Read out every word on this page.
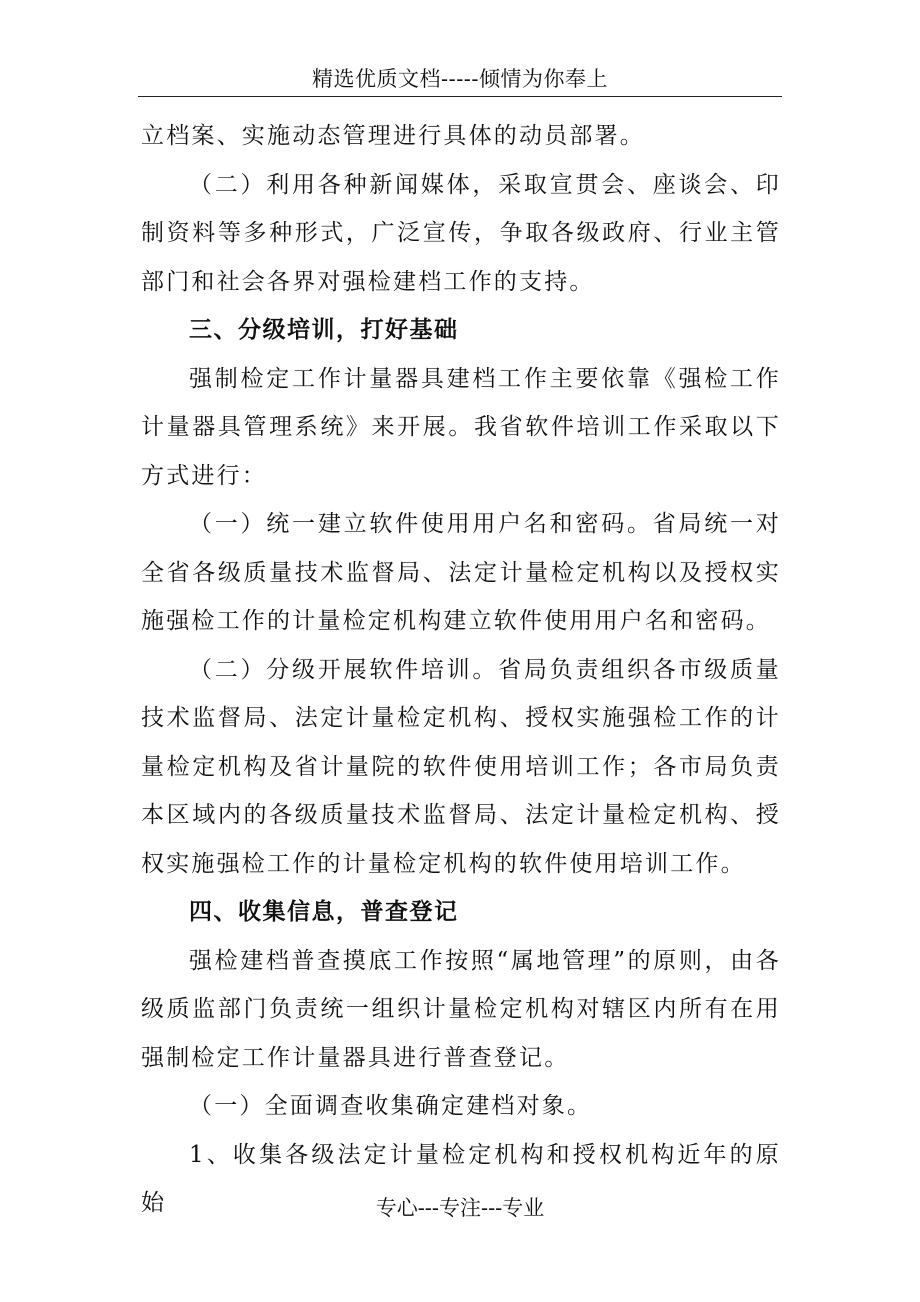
精选优质文档-----倾情为你奉上

立档案、实施动态管理进行具体的动员部署。

（二）利用各种新闻媒体，采取宣贯会、座谈会、印制资料等多种形式，广泛宣传，争取各级政府、行业主管部门和社会各界对强检建档工作的支持。

三、分级培训，打好基础

强制检定工作计量器具建档工作主要依靠《强检工作计量器具管理系统》来开展。我省软件培训工作采取以下方式进行：

（一）统一建立软件使用用户名和密码。省局统一对全省各级质量技术监督局、法定计量检定机构以及授权实施强检工作的计量检定机构建立软件使用用户名和密码。

（二）分级开展软件培训。省局负责组织各市级质量技术监督局、法定计量检定机构、授权实施强检工作的计量检定机构及省计量院的软件使用培训工作；各市局负责本区域内的各级质量技术监督局、法定计量检定机构、授权实施强检工作的计量检定机构的软件使用培训工作。

四、收集信息，普查登记

强检建档普查摸底工作按照“属地管理”的原则，由各级质监部门负责统一组织计量检定机构对辖区内所有在用强制检定工作计量器具进行普查登记。

（一）全面调查收集确定建档对象。

1、收集各级法定计量检定机构和授权机构近年的原始	专心---专注---专业
